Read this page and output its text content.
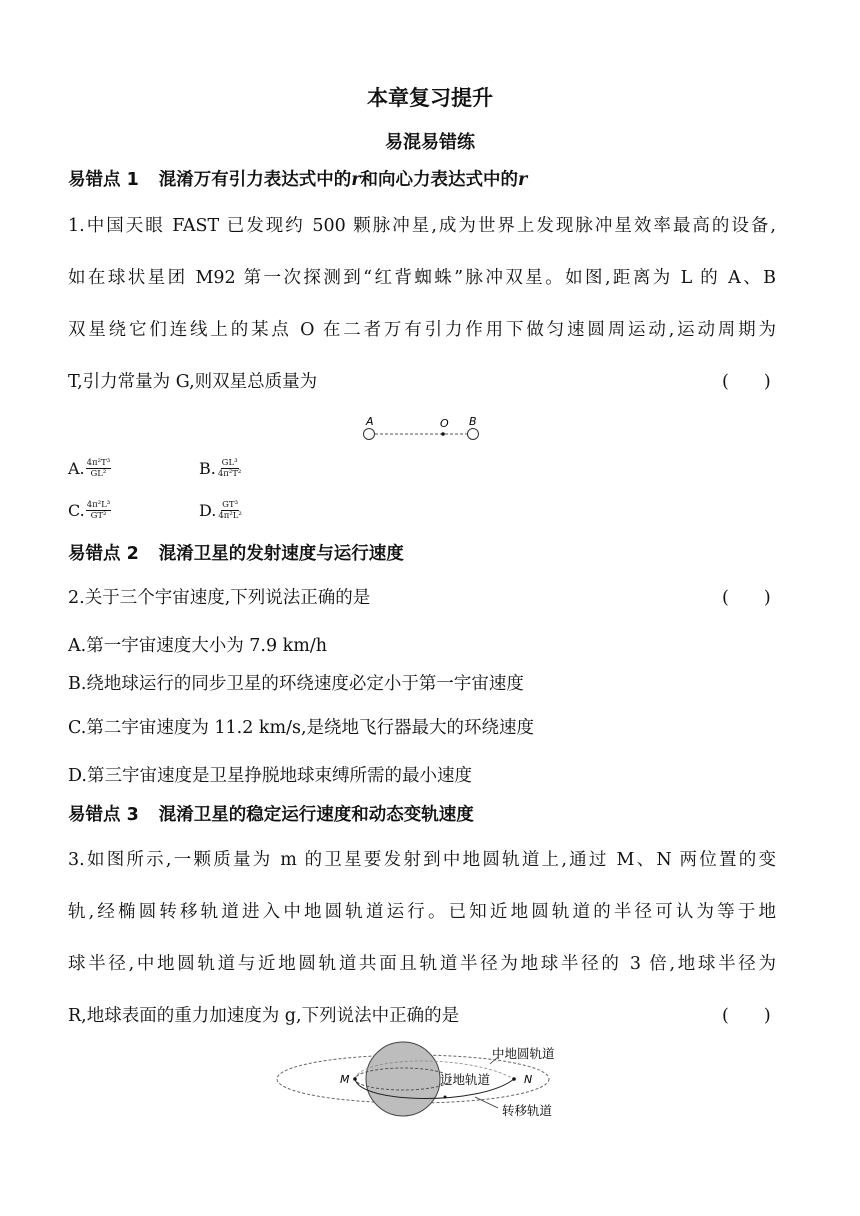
本章复习提升
易混易错练
易错点 1 混淆万有引力表达式中的r和向心力表达式中的r
1.中国天眼 FAST 已发现约 500 颗脉冲星,成为世界上发现脉冲星效率最高的设备,
如在球状星团 M92 第一次探测到“红背蜘蛛”脉冲双星。如图,距离为 L 的 A、B
双星绕它们连线上的某点 O 在二者万有引力作用下做匀速圆周运动,运动周期为
T,引力常量为 G,则双星总质量为	(　　)
A	O B
A. $\frac{\text{4π²T³}}{\text{GL²}}$	B. $\frac{\text{GL³}}{\text{4π²T²}}$
C. $\frac{\text{4π²L³}}{\text{GT²}}$	D. $\frac{\text{GT³}}{\text{4π²L²}}$
易错点 2 混淆卫星的发射速度与运行速度
2.关于三个宇宙速度,下列说法正确的是	(　　)
A.第一宇宙速度大小为 7.9 km/h
B.绕地球运行的同步卫星的环绕速度必定小于第一宇宙速度
C.第二宇宙速度为 11.2 km/s,是绕地飞行器最大的环绕速度
D.第三宇宙速度是卫星挣脱地球束缚所需的最小速度
易错点 3 混淆卫星的稳定运行速度和动态变轨速度
3.如图所示,一颗质量为 m 的卫星要发射到中地圆轨道上,通过 M、N 两位置的变
轨,经椭圆转移轨道进入中地圆轨道运行。已知近地圆轨道的半径可认为等于地
球半径,中地圆轨道与近地圆轨道共面且轨道半径为地球半径的 3 倍,地球半径为
R,地球表面的重力加速度为 g,下列说法中正确的是	(　　)
中地圆轨道
近地轨道
转移轨道
M	N
